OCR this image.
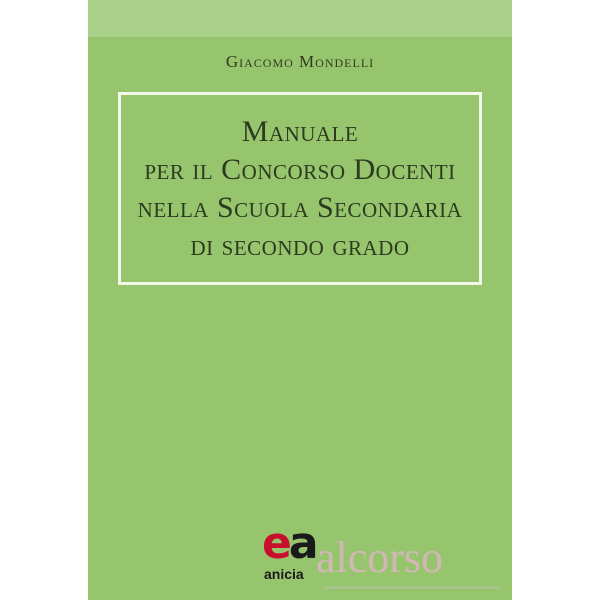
Giacomo Mondelli
Manuale
per il Concorso Docenti
nella Scuola Secondaria
di secondo grado
ea
anicia alcorso
